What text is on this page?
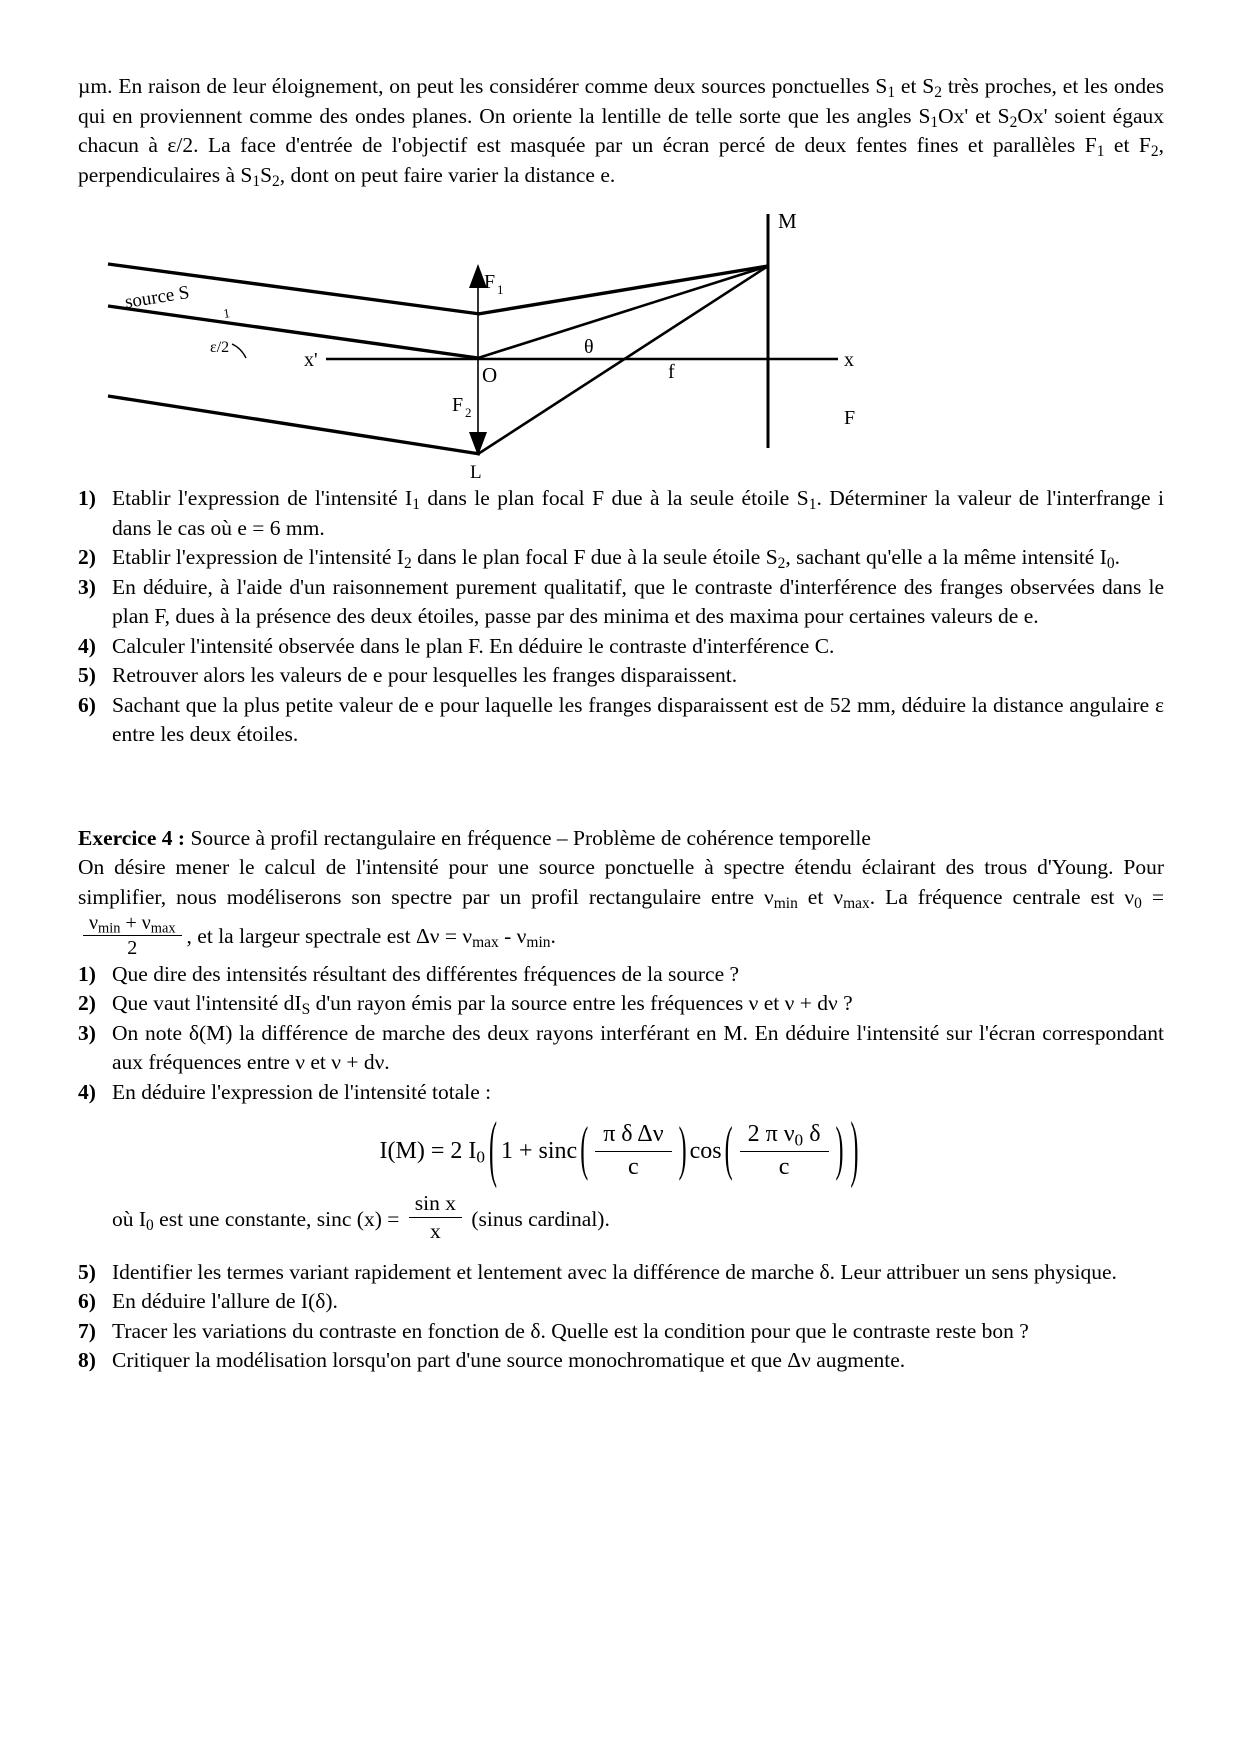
µm. En raison de leur éloignement, on peut les considérer comme deux sources ponctuelles $S_1$ et $S_2$ très proches, et les ondes qui en proviennent comme des ondes planes. On oriente la lentille de telle sorte que les angles $S_1Ox'$ et $S_2Ox'$ soient égaux chacun à ε/2. La face d'entrée de l'objectif est masquée par un écran percé de deux fentes fines et parallèles $F_1$ et $F_2$, perpendiculaires à $S_1S_2$, dont on peut faire varier la distance e.

M
x'	x
O
θ
f
F
F 1
F 2
L
source S
1
ε/2
1) Etablir l'expression de l'intensité $I_1$ dans le plan focal F due à la seule étoile $S_1$. Déterminer la valeur de l'interfrange i dans le cas où e = 6 mm.
2) Etablir l'expression de l'intensité $I_2$ dans le plan focal F due à la seule étoile $S_2$, sachant qu'elle a la même intensité $I_0$.
3) En déduire, à l'aide d'un raisonnement purement qualitatif, que le contraste d'interférence des franges observées dans le plan F, dues à la présence des deux étoiles, passe par des minima et des maxima pour certaines valeurs de e.
4) Calculer l'intensité observée dans le plan F. En déduire le contraste d'interférence C.
5) Retrouver alors les valeurs de e pour lesquelles les franges disparaissent.
6) Sachant que la plus petite valeur de e pour laquelle les franges disparaissent est de 52 mm, déduire la distance angulaire ε entre les deux étoiles.
Exercice 4 : Source à profil rectangulaire en fréquence – Problème de cohérence temporelle

On désire mener le calcul de l'intensité pour une source ponctuelle à spectre étendu éclairant des trous d'Young. Pour simplifier, nous modéliserons son spectre par un profil rectangulaire entre $\nu_{min}$ et $\nu_{max}$. La fréquence centrale est $\nu_0$ =
$\frac{\nu_{min} + \nu_{max}}{2}$ , et la largeur spectrale est $\Delta\nu = \nu_{max} - \nu_{min}$.

1) Que dire des intensités résultant des différentes fréquences de la source ?
2) Que vaut l'intensité $dI_S$ d'un rayon émis par la source entre les fréquences ν et ν + dν ?
3) On note δ(M) la différence de marche des deux rayons interférant en M. En déduire l'intensité sur l'écran correspondant aux fréquences entre ν et ν + dν.
4) En déduire l'expression de l'intensité totale :
I(M) = 2 $I_0$ ( 1 + sinc ( $\frac{\text{π δ Δν}}{c}$ ) cos ( $\frac{2 \pi \nu_0 \delta}{c}$ ) )
où $I_0$ est une constante, sinc $(x) = \frac{\text{sin x}}{x}$ (sinus cardinal).
5) Identifier les termes variant rapidement et lentement avec la différence de marche δ. Leur attribuer un sens physique.
6) En déduire l'allure de I(δ).
7) Tracer les variations du contraste en fonction de δ. Quelle est la condition pour que le contraste reste bon ?
8) Critiquer la modélisation lorsqu'on part d'une source monochromatique et que Δν augmente.
